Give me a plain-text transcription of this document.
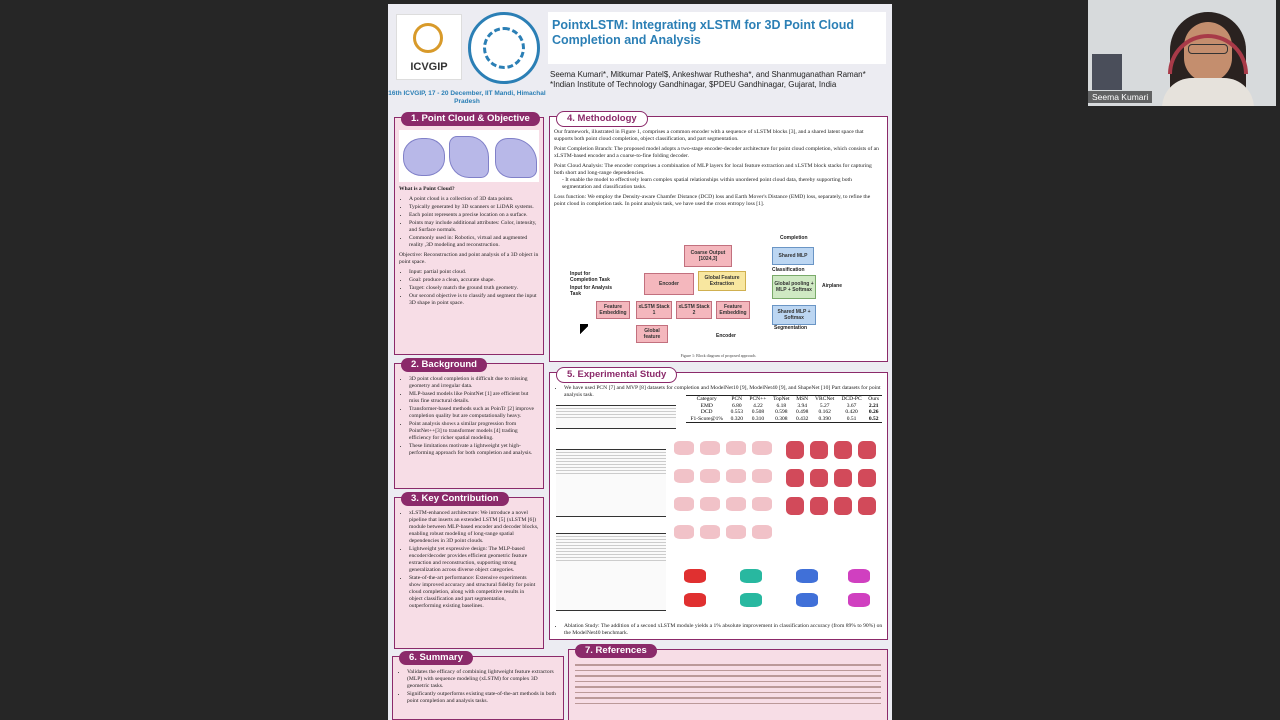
ICVGIP
16th ICVGIP, 17 - 20 December, IIT Mandi, Himachal Pradesh
PointxLSTM: Integrating xLSTM for 3D Point Cloud Completion and Analysis
Seema Kumari*, Mitkumar Patel$, Ankeshwar Ruthesha*, and Shanmuganathan Raman*
*Indian Institute of Technology Gandhinagar, $PDEU Gandhinagar, Gujarat, India
1. Point Cloud & Objective

What is a Point Cloud?

• A point cloud is a collection of 3D data points.
• Typically generated by 3D scanners or LiDAR systems.
• Each point represents a precise location on a surface.
• Points may include additional attributes: Color, intensity, and Surface normals.
• Commonly used in: Robotics, virtual and augmented reality ,3D modeling and reconstruction.

Objective: Reconstruction and point analysis of a 3D object in point space.

• Input: partial point cloud.
• Goal: produce a clean, accurate shape.
• Target: closely match the ground truth geometry.
• Our second objective is to classify and segment the input 3D shape in point space.
2. Background
• 3D point cloud completion is difficult due to missing geometry and irregular data.
• MLP-based models like PointNet [1] are efficient but miss fine structural details.
• Transformer-based methods such as PoinTr [2] improve completion quality but are computationally heavy.
• Point analysis shows a similar progression from PointNet++[3] to transformer models [4] trading efficiency for richer spatial modeling.
• These limitations motivate a lightweight yet high-performing approach for both completion and analysis.
3. Key Contribution
• xLSTM-enhanced architecture: We introduce a novel pipeline that inserts an extended LSTM [5] (xLSTM [6]) module between MLP-based encoder and decoder blocks, enabling robust modeling of long-range spatial dependencies in 3D point clouds.
• Lightweight yet expressive design: The MLP-based encoder/decoder provides efficient geometric feature extraction and reconstruction, supporting strong generalization across diverse object categories.
• State-of-the-art performance: Extensive experiments show improved accuracy and structural fidelity for point cloud completion, along with competitive results in object classification and part segmentation, outperforming existing baselines.
6. Summary
• Validates the efficacy of combining lightweight feature extractors (MLP) with sequence modeling (xLSTM) for complex 3D geometric tasks.
• Significantly outperforms existing state-of-the-art methods in both point completion and analysis tasks.
4. Methodology

Our framework, illustrated in Figure 1, comprises a common encoder with a sequence of xLSTM blocks [3], and a shared latent space that supports both point cloud completion, object classification, and part segmentation.

Point Completion Branch: The proposed model adopts a two-stage encoder-decoder architecture for point cloud completion, which consists of an xLSTM-based encoder and a coarse-to-fine folding decoder.

Point Cloud Analysis: The encoder comprises a combination of MLP layers for local feature extraction and xLSTM block stacks for capturing both short and long-range dependencies.

- It enable the model to effectively learn complex spatial relationships within unordered point cloud data, thereby supporting both segmentation and classification tasks.

Loss function: We employ the Density-aware Chamfer Distance (DCD) loss and Earth Mover's Distance (EMD) loss, separately, to refine the point cloud in completion task. In point analysis task, we have used the cross entropy loss [1].

Input for Completion Task
Input for Analysis Task
Coarse Output [1024,3]
Encoder
Global Feature Extraction
Completion
Shared MLP
Classification
Global pooling + MLP + Softmax
Airplane
Shared MLP + Softmax
Segmentation
Feature Embedding
xLSTM Stack 1
xLSTM Stack 2
Feature Embedding
Global feature	Encoder
Figure 1: Block diagram of proposed approach.
5. Experimental Study
• We have used PCN [7] and MVP [8] datasets for completion and ModelNet10 [9], ModelNet40 [9], and ShapeNet [10] Part datasets for point analysis task.
Category	PCN	PCN++	TopNet	MSN	VRCNet	DCD-PC	Ours
EMD	6.80	4.22	6.18	3.94	5.27	3.67	2.21
DCD	0.553	0.508	0.598	0.498	0.162	0.420	0.26
F1-Score@1%	0.320	0.310	0.308	0.432	0.390	0.51	0.52
• Ablation Study: The addition of a second xLSTM module yields a 1% absolute improvement in classification accuracy (from 89% to 90%) on the ModelNet40 benchmark.
7. References
Seema Kumari
